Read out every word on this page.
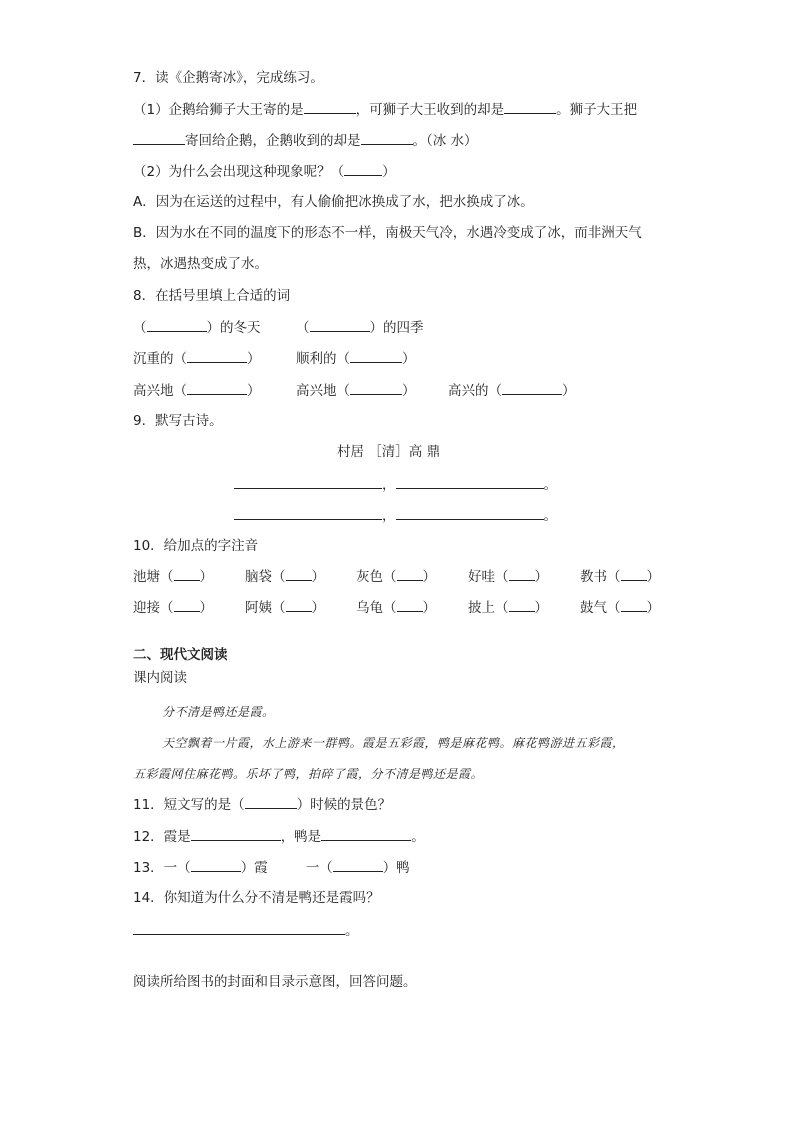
7．读《企鹅寄冰》，完成练习。
（1）企鹅给狮子大王寄的是	，可狮子大王收到的却是	。狮子大王把
寄回给企鹅，企鹅收到的却是	。（冰 水）
（2）为什么会出现这种现象呢？（	）
A．因为在运送的过程中，有人偷偷把冰换成了水，把水换成了冰。
B．因为水在不同的温度下的形态不一样，南极天气冷，水遇冷变成了冰，而非洲天气
热，冰遇热变成了水。
8．在括号里填上合适的词
（	）的冬天	（	）的四季
沉重的（	）	顺利的（	）
高兴地（	）	高兴地（	） 高兴的（	）
9．默写古诗。
村居 ［清］高 鼎
，	。
，	。
10．给加点的字注音
池塘（ ） 脑袋（ ） 灰色（ ） 好哇（ ） 教书（ ）
迎接（ ） 阿姨（ ） 乌龟（ ） 披上（ ） 鼓气（ ）
二、现代文阅读
课内阅读
分不清是鸭还是霞。
天空飘着一片霞，水上游来一群鸭。霞是五彩霞，鸭是麻花鸭。麻花鸭游进五彩霞，
五彩霞网住麻花鸭。乐坏了鸭，拍碎了霞，分不清是鸭还是霞。
11．短文写的是（	）时候的景色？
12．霞是	，鸭是	。
13．一（	）霞	一（	）鸭
14．你知道为什么分不清是鸭还是霞吗？
。
阅读所给图书的封面和目录示意图，回答问题。
